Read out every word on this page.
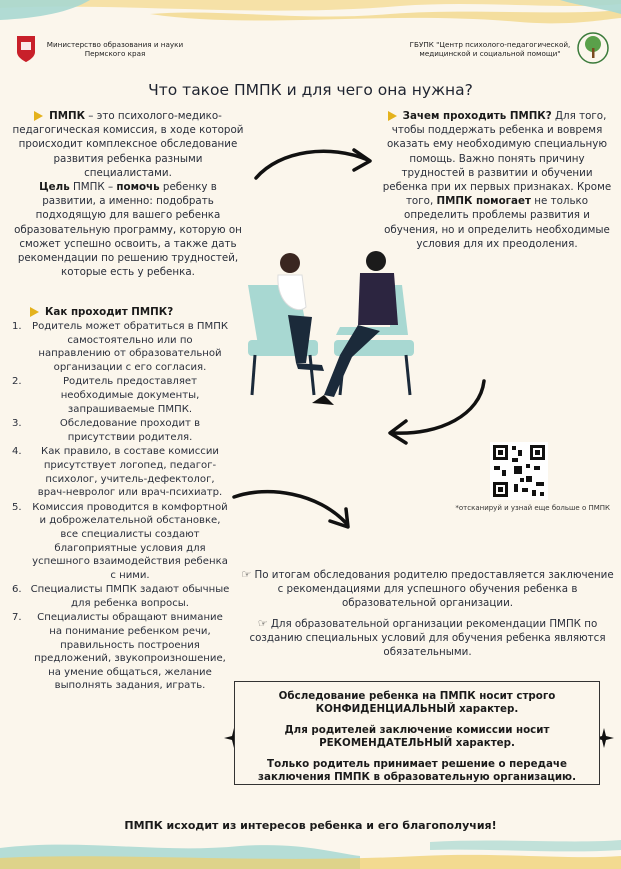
Министерство образования и науки Пермского края
ГБУПК "Центр психолого-педагогической, медицинской и социальной помощи"
Что такое ПМПК и для чего она нужна?
ПМПК – это психолого-медико-педагогическая комиссия, в ходе которой происходит комплексное обследование развития ребенка разными специалистами.
Цель ПМПК – помочь ребенку в развитии, а именно: подобрать подходящую для вашего ребенка образовательную программу, которую он сможет успешно освоить, а также дать рекомендации по решению трудностей, которые есть у ребенка.
Зачем проходить ПМПК? Для того, чтобы поддержать ребенка и вовремя оказать ему необходимую специальную помощь. Важно понять причину трудностей в развитии и обучении ребенка при их первых признаках. Кроме того, ПМПК помогает не только определить проблемы развития и обучения, но и определить необходимые условия для их преодоления.
Как проходит ПМПК?
1. Родитель может обратиться в ПМПК самостоятельно или по направлению от образовательной организации с его согласия.
2.	Родитель предоставляет необходимые документы, запрашиваемые ПМПК.
3.	Обследование проходит в присутствии родителя.
4. Как правило, в составе комиссии присутствует логопед, педагог-психолог, учитель-дефектолог, врач-невролог или врач-психиатр.
5. Комиссия проводится в комфортной и доброжелательной обстановке, все специалисты создают благоприятные условия для успешного взаимодействия ребенка с ними.
6. Специалисты ПМПК задают обычные для ребенка вопросы.
7. Специалисты обращают внимание на понимание ребенком речи, правильность построения предложений, звукопроизношение, на умение общаться, желание выполнять задания, играть.
*отсканируй и узнай еще больше о ПМПК
☞ По итогам обследования родителю предоставляется заключение с рекомендациями для успешного обучения ребенка в образовательной организации.
☞ Для образовательной организации рекомендации ПМПК по созданию специальных условий для обучения ребенка являются обязательными.

Обследование ребенка на ПМПК носит строго КОНФИДЕНЦИАЛЬНЫЙ характер.

Для родителей заключение комиссии носит РЕКОМЕНДАТЕЛЬНЫЙ характер.

Только родитель принимает решение о передаче заключения ПМПК в образовательную организацию.

ПМПК исходит из интересов ребенка и его благополучия!
